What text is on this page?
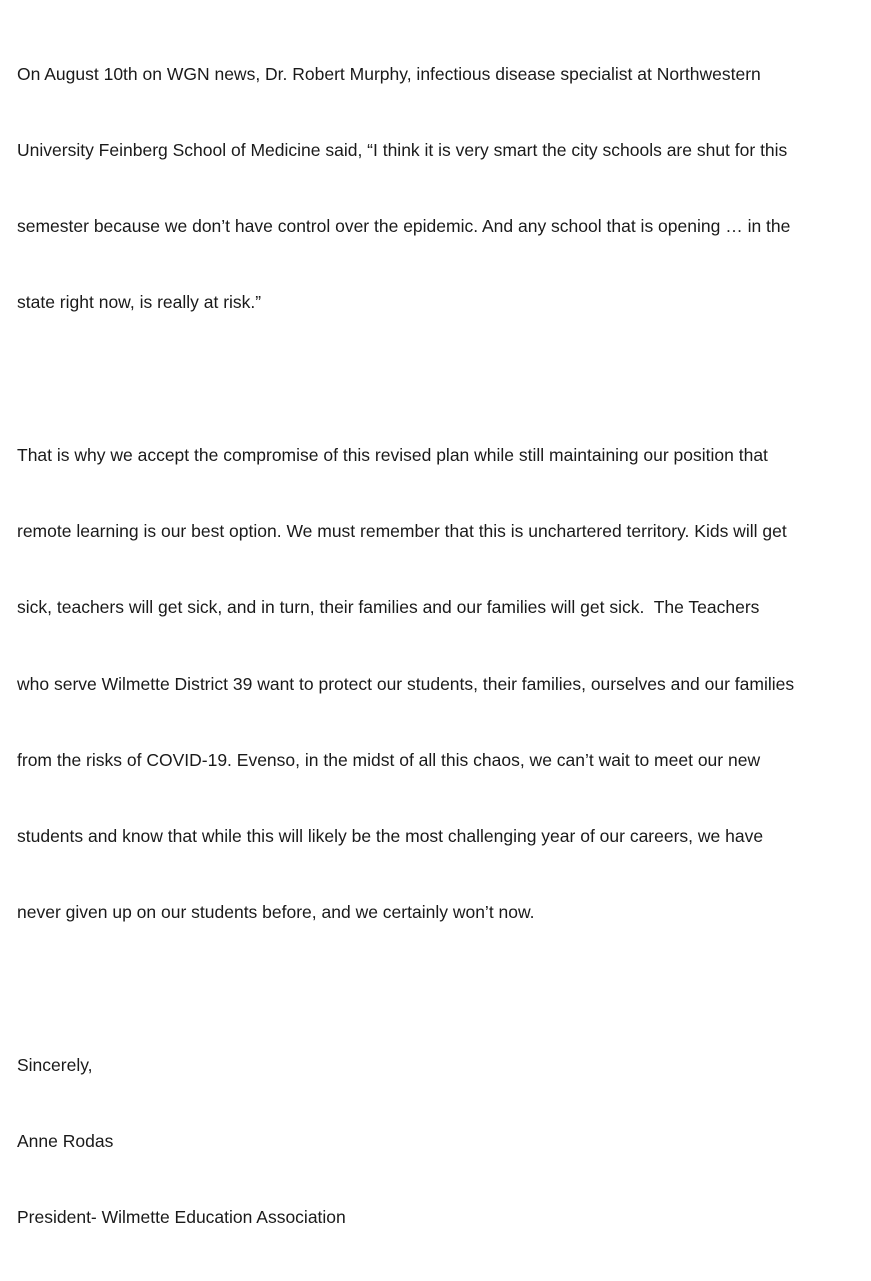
On August 10th on WGN news, Dr. Robert Murphy, infectious disease specialist at Northwestern

University Feinberg School of Medicine said, “I think it is very smart the city schools are shut for this

semester because we don’t have control over the epidemic. And any school that is opening … in the

state right now, is really at risk.”

That is why we accept the compromise of this revised plan while still maintaining our position that

remote learning is our best option. We must remember that this is unchartered territory. Kids will get

sick, teachers will get sick, and in turn, their families and our families will get sick.  The Teachers

who serve Wilmette District 39 want to protect our students, their families, ourselves and our families

from the risks of COVID-19. Evenso, in the midst of all this chaos, we can’t wait to meet our new

students and know that while this will likely be the most challenging year of our careers, we have

never given up on our students before, and we certainly won’t now.

Sincerely,

Anne Rodas

President- Wilmette Education Association
